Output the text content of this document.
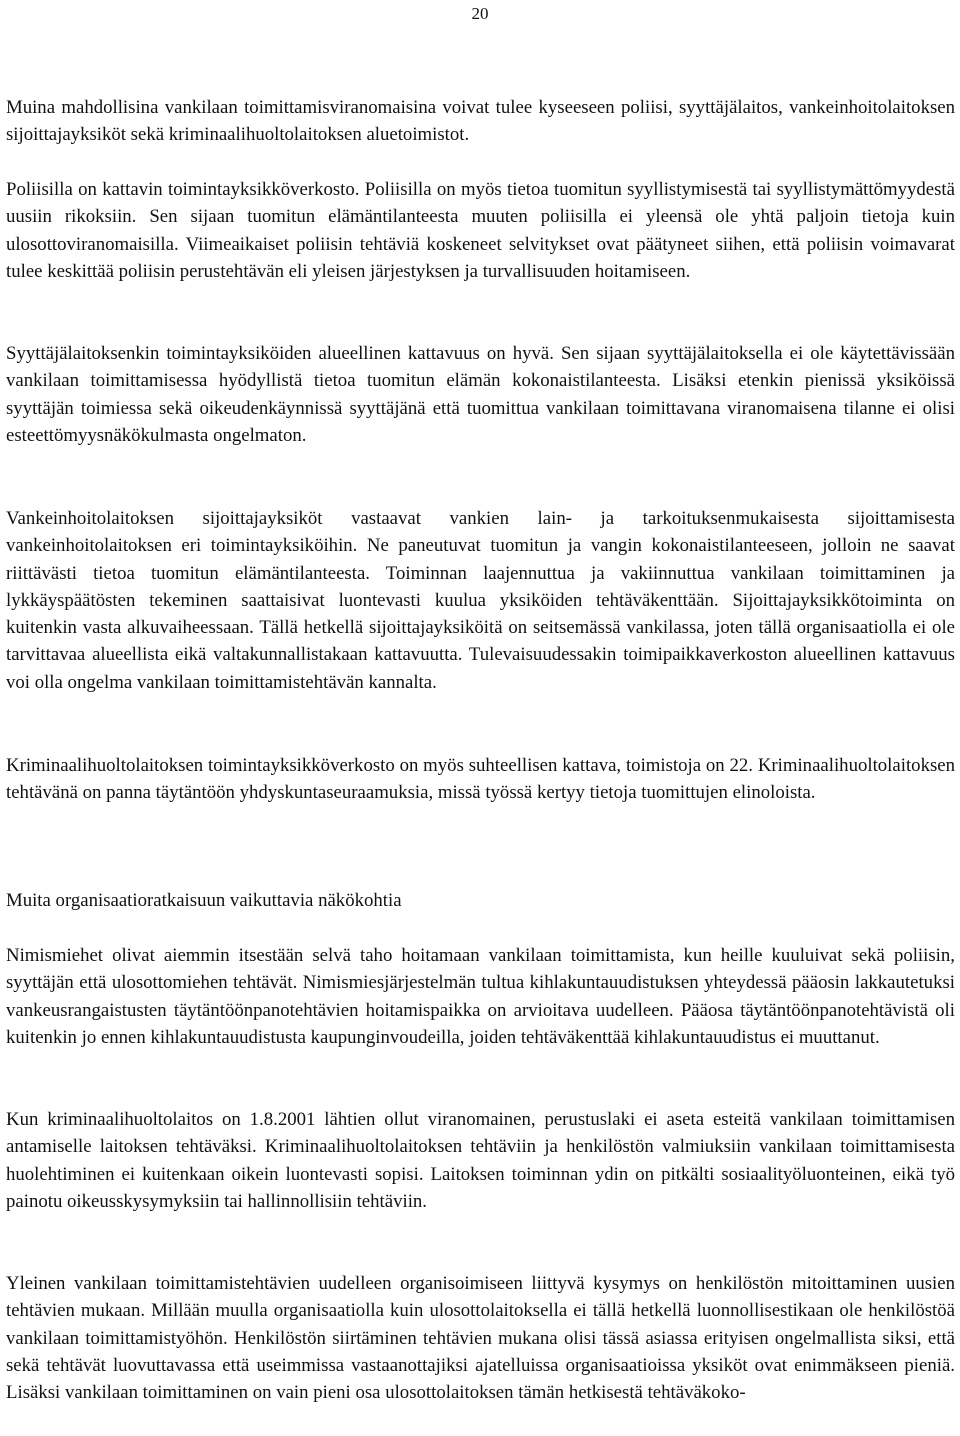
20

Muina mahdollisina vankilaan toimittamisviranomaisina voivat tulee kyseeseen poliisi, syyttäjälaitos, vankeinhoitolaitoksen sijoittajayksiköt sekä kriminaalihuoltolaitoksen aluetoimistot.

Poliisilla on kattavin toimintayksikköverkosto. Poliisilla on myös tietoa tuomitun syyllistymisestä tai syyllistymättömyydestä uusiin rikoksiin. Sen sijaan tuomitun elämäntilanteesta muuten poliisilla ei yleensä ole yhtä paljoin tietoja kuin ulosottoviranomaisilla. Viimeaikaiset poliisin tehtäviä koskeneet selvitykset ovat päätyneet siihen, että poliisin voimavarat tulee keskittää poliisin perustehtävän eli yleisen järjestyksen ja turvallisuuden hoitamiseen.

Syyttäjälaitoksenkin toimintayksiköiden alueellinen kattavuus on hyvä. Sen sijaan syyttäjälaitoksella ei ole käytettävissään vankilaan toimittamisessa hyödyllistä tietoa tuomitun elämän kokonaistilanteesta. Lisäksi etenkin pienissä yksiköissä syyttäjän toimiessa sekä oikeudenkäynnissä syyttäjänä että tuomittua vankilaan toimittavana viranomaisena tilanne ei olisi esteettömyysnäkökulmasta ongelmaton.

Vankeinhoitolaitoksen sijoittajayksiköt vastaavat vankien lain- ja tarkoituksenmukaisesta sijoittamisesta vankeinhoitolaitoksen eri toimintayksiköihin. Ne paneutuvat tuomitun ja vangin kokonaistilanteeseen, jolloin ne saavat riittävästi tietoa tuomitun elämäntilanteesta. Toiminnan laajennuttua ja vakiinnuttua vankilaan toimittaminen ja lykkäyspäätösten tekeminen saattaisivat luontevasti kuulua yksiköiden tehtäväkenttään. Sijoittajayksikkötoiminta on kuitenkin vasta alkuvaiheessaan. Tällä hetkellä sijoittajayksiköitä on seitsemässä vankilassa, joten tällä organisaatiolla ei ole tarvittavaa alueellista eikä valtakunnallistakaan kattavuutta. Tulevaisuudessakin toimipaikkaverkoston alueellinen kattavuus voi olla ongelma vankilaan toimittamistehtävän kannalta.

Kriminaalihuoltolaitoksen toimintayksikköverkosto on myös suhteellisen kattava, toimistoja on 22. Kriminaalihuoltolaitoksen tehtävänä on panna täytäntöön yhdyskuntaseuraamuksia, missä työssä kertyy tietoja tuomittujen elinoloista.

Muita organisaatioratkaisuun vaikuttavia näkökohtia

Nimismiehet olivat aiemmin itsestään selvä taho hoitamaan vankilaan toimittamista, kun heille kuuluivat sekä poliisin, syyttäjän että ulosottomiehen tehtävät. Nimismiesjärjestelmän tultua kihlakuntauudistuksen yhteydessä pääosin lakkautetuksi vankeusrangaistusten täytäntöönpanotehtävien hoitamispaikka on arvioitava uudelleen. Pääosa täytäntöönpanotehtävistä oli kuitenkin jo ennen kihlakuntauudistusta kaupunginvoudeilla, joiden tehtäväkenttää kihlakuntauudistus ei muuttanut.

Kun kriminaalihuoltolaitos on 1.8.2001 lähtien ollut viranomainen, perustuslaki ei aseta esteitä vankilaan toimittamisen antamiselle laitoksen tehtäväksi. Kriminaalihuoltolaitoksen tehtäviin ja henkilöstön valmiuksiin vankilaan toimittamisesta huolehtiminen ei kuitenkaan oikein luontevasti sopisi. Laitoksen toiminnan ydin on pitkälti sosiaalityöluonteinen, eikä työ painotu oikeusskysymyksiin tai hallinnollisiin tehtäviin.

Yleinen vankilaan toimittamistehtävien uudelleen organisoimiseen liittyvä kysymys on henkilöstön mitoittaminen uusien tehtävien mukaan. Millään muulla organisaatiolla kuin ulosottolaitoksella ei tällä hetkellä luonnollisestikaan ole henkilöstöä vankilaan toimittamistyöhön. Henkilöstön siirtäminen tehtävien mukana olisi tässä asiassa erityisen ongelmallista siksi, että sekä tehtävät luovuttavassa että useimmissa vastaanottajiksi ajatelluissa organisaatioissa yksiköt ovat enimmäkseen pieniä. Lisäksi vankilaan toimittaminen on vain pieni osa ulosottolaitoksen tämän hetkisestä tehtäväkoko-
